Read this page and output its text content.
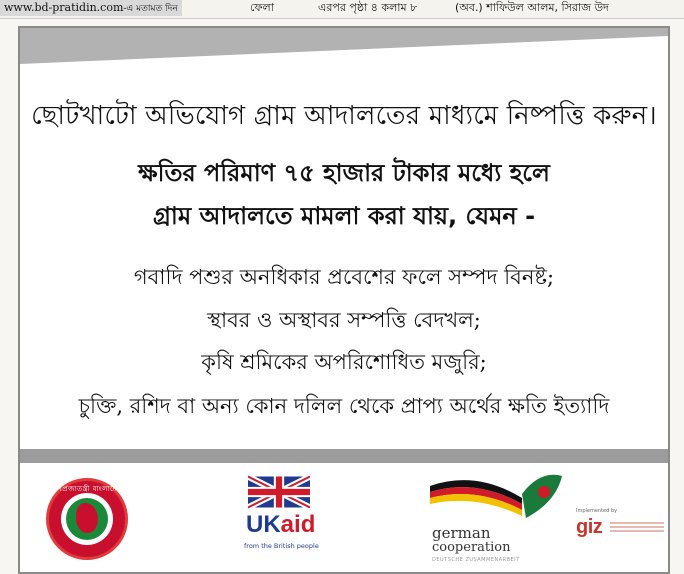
www.bd-pratidin.com-এ মতামত দিন	ফেলা	এরপর পৃষ্ঠা ৪ কলাম ৮	(অব.) শাফিউল আলম, সিরাজ উদ
ছোটখাটো অভিযোগ গ্রাম আদালতের মাধ্যমে নিষ্পত্তি করুন।
ক্ষতির পরিমাণ ৭৫ হাজার টাকার মধ্যে হলে
গ্রাম আদালতে মামলা করা যায়, যেমন -
গবাদি পশুর অনধিকার প্রবেশের ফলে সম্পদ বিনষ্ট;
স্থাবর ও অস্থাবর সম্পত্তি বেদখল;
কৃষি শ্রমিকের অপরিশোধিত মজুরি;
চুক্তি, রশিদ বা অন্য কোন দলিল থেকে প্রাপ্য অর্থের ক্ষতি ইত্যাদি
গণপ্রজাতন্ত্রী বাংলাদেশ
UKaid
from the British people
german
cooperation
DEUTSCHE ZUSAMMENARBEIT
Implemented by
giz
